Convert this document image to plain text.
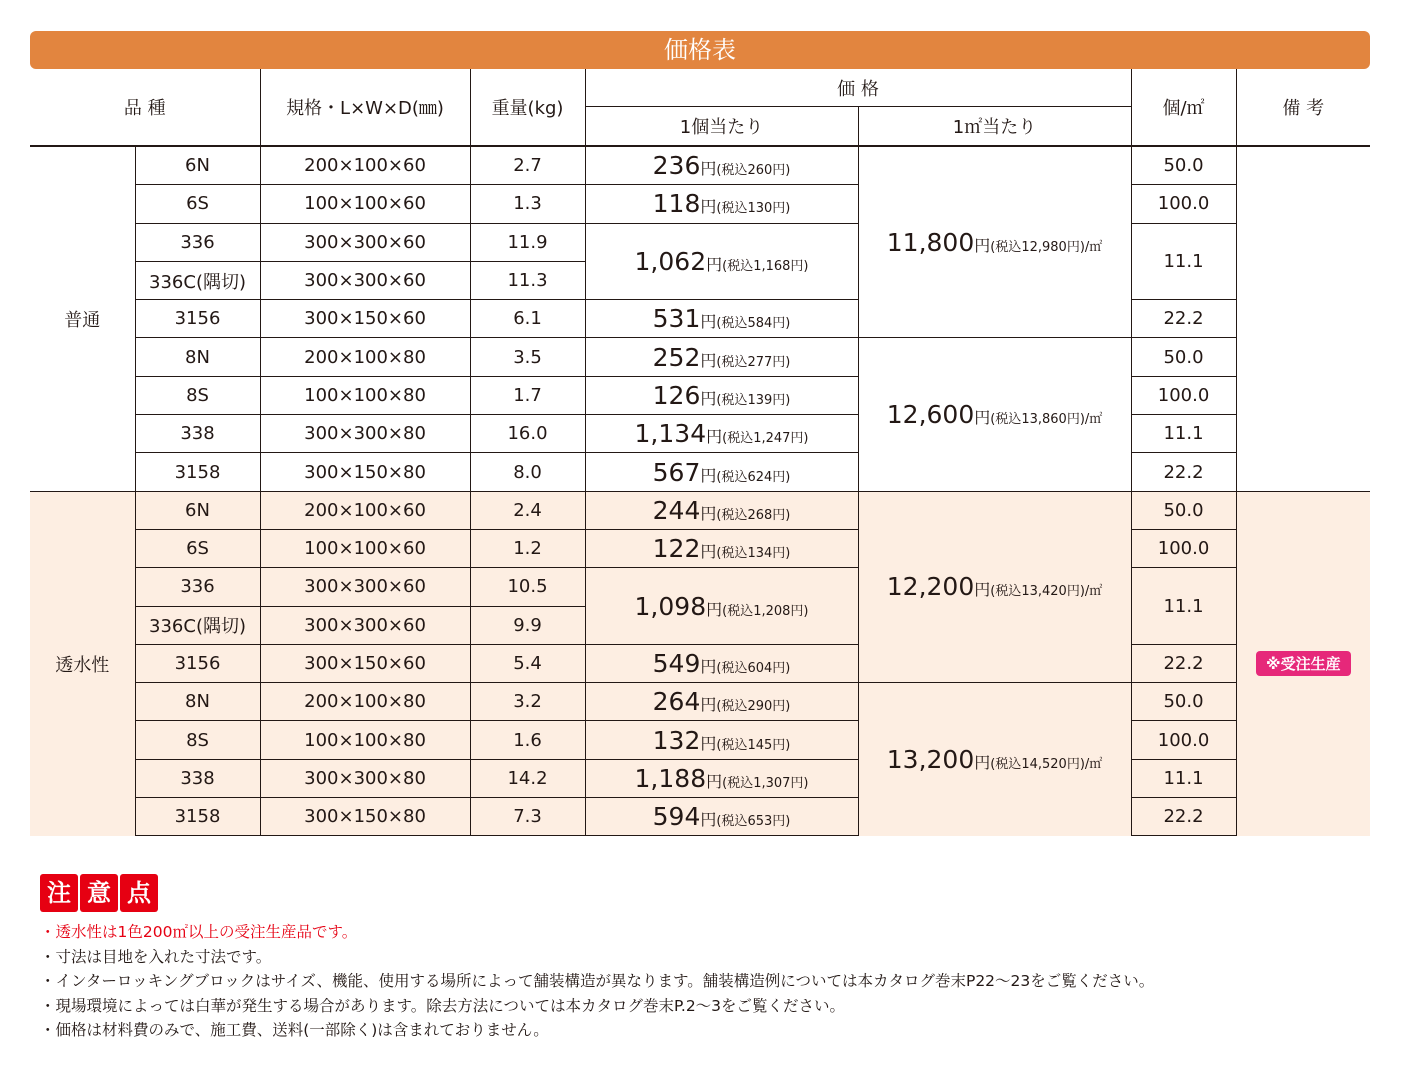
価格表
品 種		規格・L×W×D(㎜)	重量(kg)	価 格		個/㎡	備 考
				1個当たり	1㎡当たり		
普通	6N	200×100×60	2.7	236円(税込260円)	11,800円(税込12,980円)/㎡	50.0	
	6S	100×100×60	1.3	118円(税込130円)		100.0	
	336	300×300×60	11.9	1,062円(税込1,168円)		11.1	
	336C(隅切)	300×300×60	11.3				
	3156	300×150×60	6.1	531円(税込584円)		22.2	
	8N	200×100×80	3.5	252円(税込277円)	12,600円(税込13,860円)/㎡	50.0	
	8S	100×100×80	1.7	126円(税込139円)		100.0	
	338	300×300×80	16.0	1,134円(税込1,247円)		11.1	
	3158	300×150×80	8.0	567円(税込624円)		22.2	
透水性	6N	200×100×60	2.4	244円(税込268円)	12,200円(税込13,420円)/㎡	50.0	※受注生産
	6S	100×100×60	1.2	122円(税込134円)		100.0	
	336	300×300×60	10.5	1,098円(税込1,208円)		11.1	
	336C(隅切)	300×300×60	9.9				
	3156	300×150×60	5.4	549円(税込604円)		22.2	
	8N	200×100×80	3.2	264円(税込290円)	13,200円(税込14,520円)/㎡	50.0	
	8S	100×100×80	1.6	132円(税込145円)		100.0	
	338	300×300×80	14.2	1,188円(税込1,307円)		11.1	
	3158	300×150×80	7.3	594円(税込653円)		22.2	
注 意 点
・透水性は1色200㎡以上の受注生産品です。
・寸法は目地を入れた寸法です。
・インターロッキングブロックはサイズ、機能、使用する場所によって舗装構造が異なります。舗装構造例については本カタログ巻末P22～23をご覧ください。
・現場環境によっては白華が発生する場合があります。除去方法については本カタログ巻末P.2～3をご覧ください。
・価格は材料費のみで、施工費、送料(一部除く)は含まれておりません。
